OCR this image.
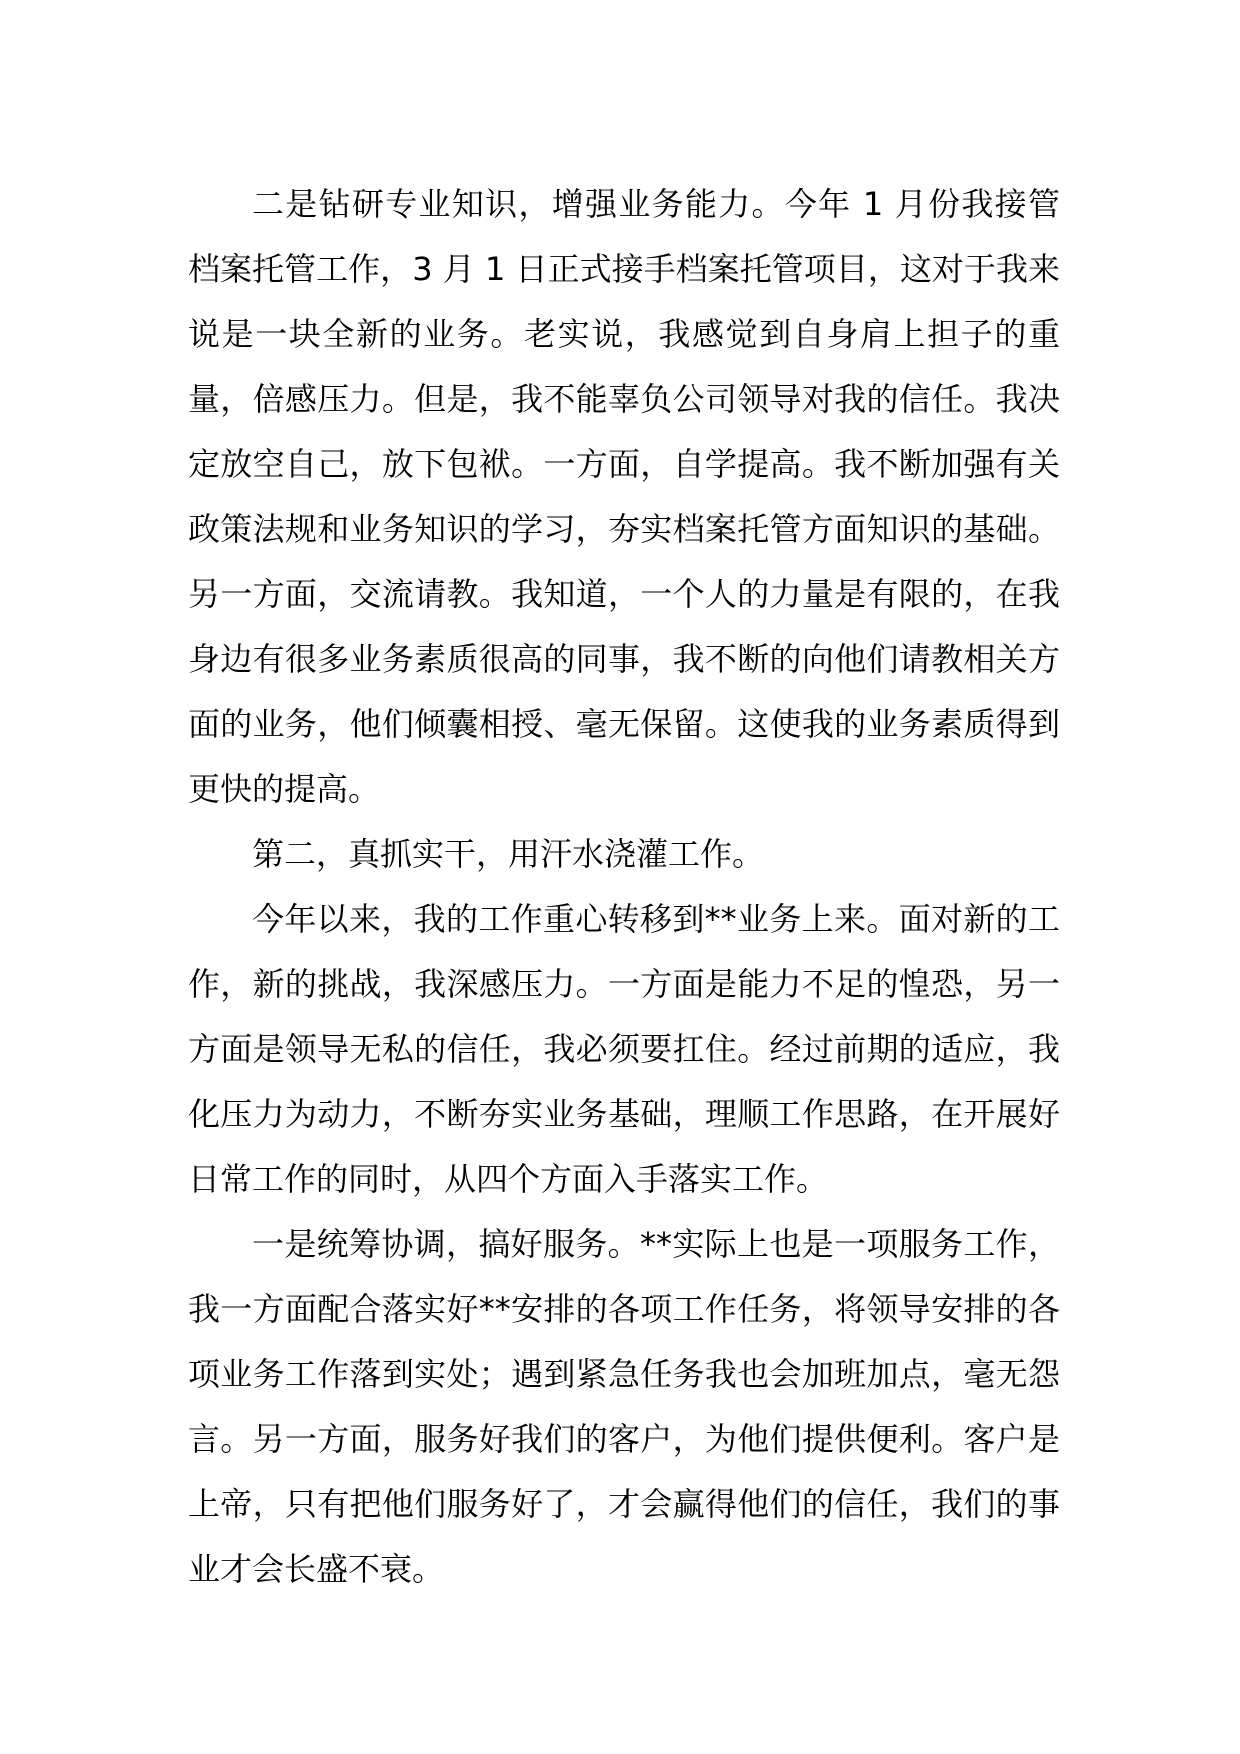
二是钻研专业知识，增强业务能力。今年 1 月份我接管档案托管工作，3 月 1 日正式接手档案托管项目，这对于我来说是一块全新的业务。老实说，我感觉到自身肩上担子的重量，倍感压力。但是，我不能辜负公司领导对我的信任。我决定放空自己，放下包袱。一方面，自学提高。我不断加强有关政策法规和业务知识的学习，夯实档案托管方面知识的基础。另一方面，交流请教。我知道，一个人的力量是有限的，在我身边有很多业务素质很高的同事，我不断的向他们请教相关方面的业务，他们倾囊相授、毫无保留。这使我的业务素质得到更快的提高。

第二，真抓实干，用汗水浇灌工作。

今年以来，我的工作重心转移到**业务上来。面对新的工作，新的挑战，我深感压力。一方面是能力不足的惶恐，另一方面是领导无私的信任，我必须要扛住。经过前期的适应，我化压力为动力，不断夯实业务基础，理顺工作思路，在开展好日常工作的同时，从四个方面入手落实工作。

一是统筹协调，搞好服务。**实际上也是一项服务工作，我一方面配合落实好**安排的各项工作任务，将领导安排的各项业务工作落到实处；遇到紧急任务我也会加班加点，毫无怨言。另一方面，服务好我们的客户，为他们提供便利。客户是上帝，只有把他们服务好了，才会赢得他们的信任，我们的事业才会长盛不衰。
